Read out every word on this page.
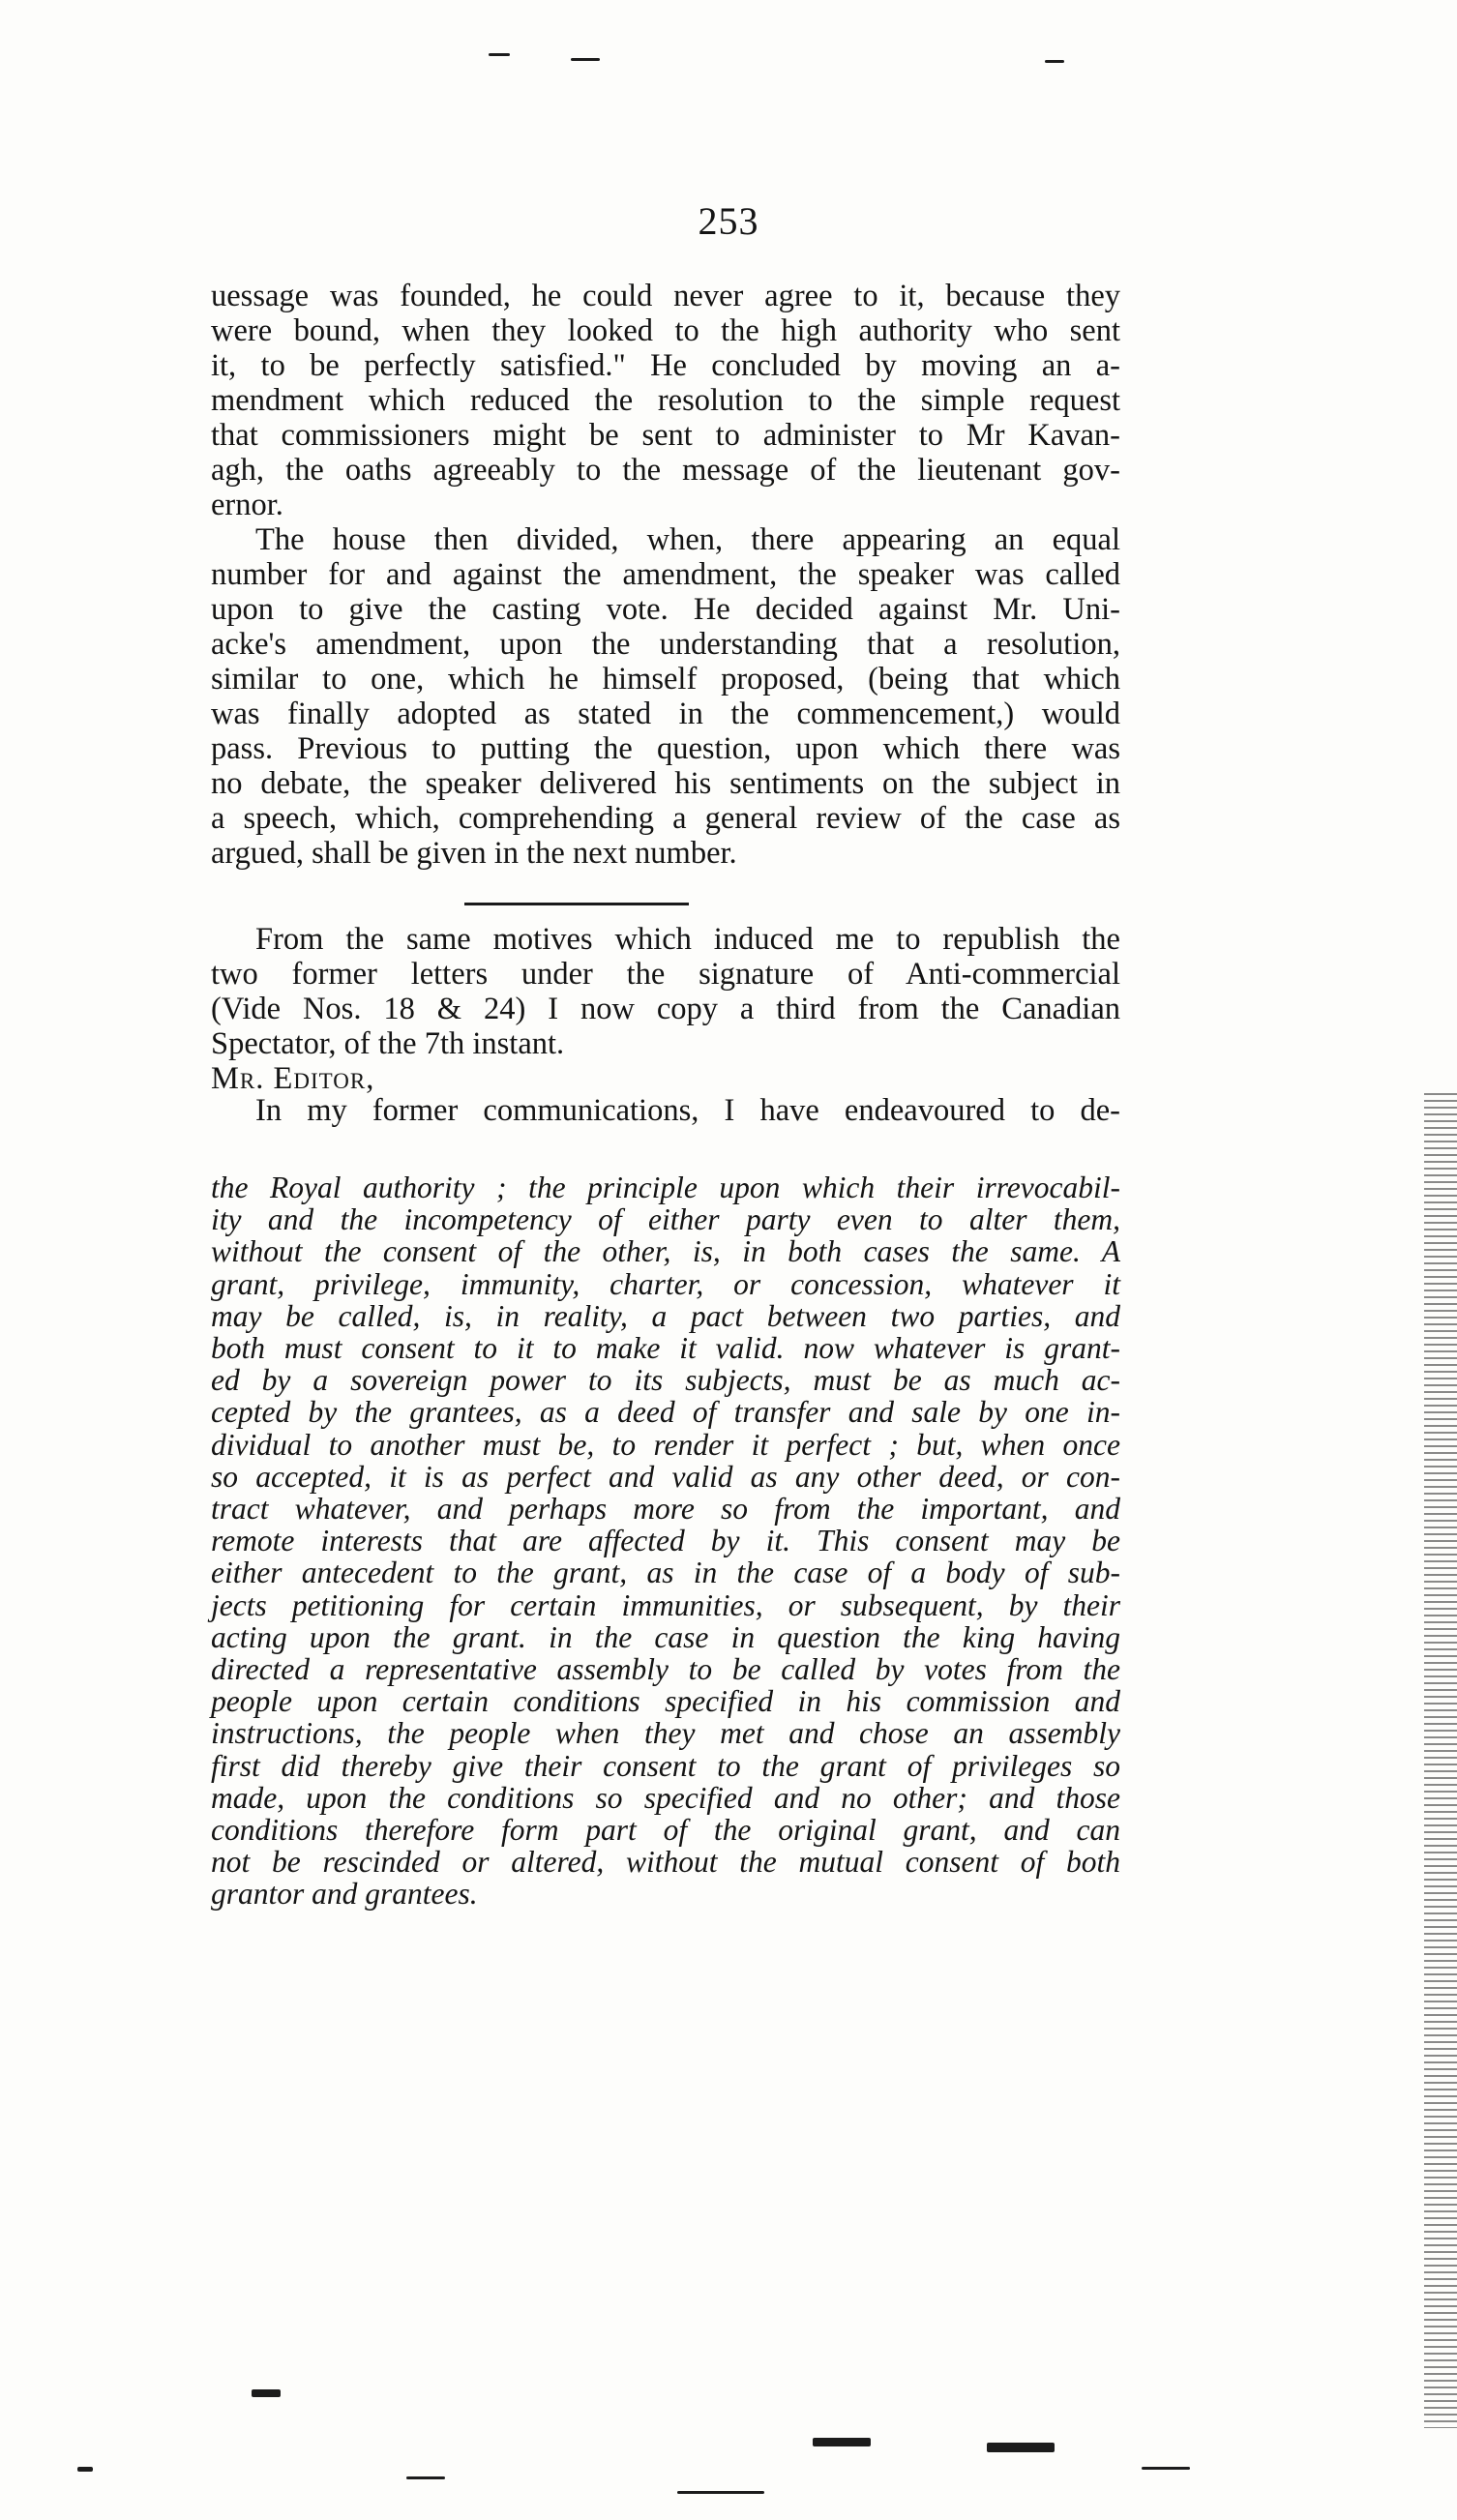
253
uessage was founded, he could never agree to it, because they
were bound, when they looked to the high authority who sent
it, to be perfectly satisfied." He concluded by moving an a-
mendment which reduced the resolution to the simple request
that commissioners might be sent to administer to Mr Kavan-
agh, the oaths agreeably to the message of the lieutenant gov-
ernor.
The house then divided, when, there appearing an equal
number for and against the amendment, the speaker was called
upon to give the casting vote. He decided against Mr. Uni-
acke's amendment, upon the understanding that a resolution,
similar to one, which he himself proposed, (being that which
was finally adopted as stated in the commencement,) would
pass. Previous to putting the question, upon which there was
no debate, the speaker delivered his sentiments on the subject in
a speech, which, comprehending a general review of the case as
argued, shall be given in the next number.
From the same motives which induced me to republish the
two former letters under the signature of Anti-commercial
(Vide Nos. 18 & 24) I now copy a third from the Canadian
Spectator, of the 7th instant.
Mr. Editor,
In my former communications, I have endeavoured to de-
the Royal authority ; the principle upon which their irrevocabil-
ity and the incompetency of either party even to alter them,
without the consent of the other, is, in both cases the same. A
grant, privilege, immunity, charter, or concession, whatever it
may be called, is, in reality, a pact between two parties, and
both must consent to it to make it valid. now whatever is grant-
ed by a sovereign power to its subjects, must be as much ac-
cepted by the grantees, as a deed of transfer and sale by one in-
dividual to another must be, to render it perfect ; but, when once
so accepted, it is as perfect and valid as any other deed, or con-
tract whatever, and perhaps more so from the important, and
remote interests that are affected by it. This consent may be
either antecedent to the grant, as in the case of a body of sub-
jects petitioning for certain immunities, or subsequent, by their
acting upon the grant. in the case in question the king having
directed a representative assembly to be called by votes from the
people upon certain conditions specified in his commission and
instructions, the people when they met and chose an assembly
first did thereby give their consent to the grant of privileges so
made, upon the conditions so specified and no other; and those
conditions therefore form part of the original grant, and can
not be rescinded or altered, without the mutual consent of both
grantor and grantees.
